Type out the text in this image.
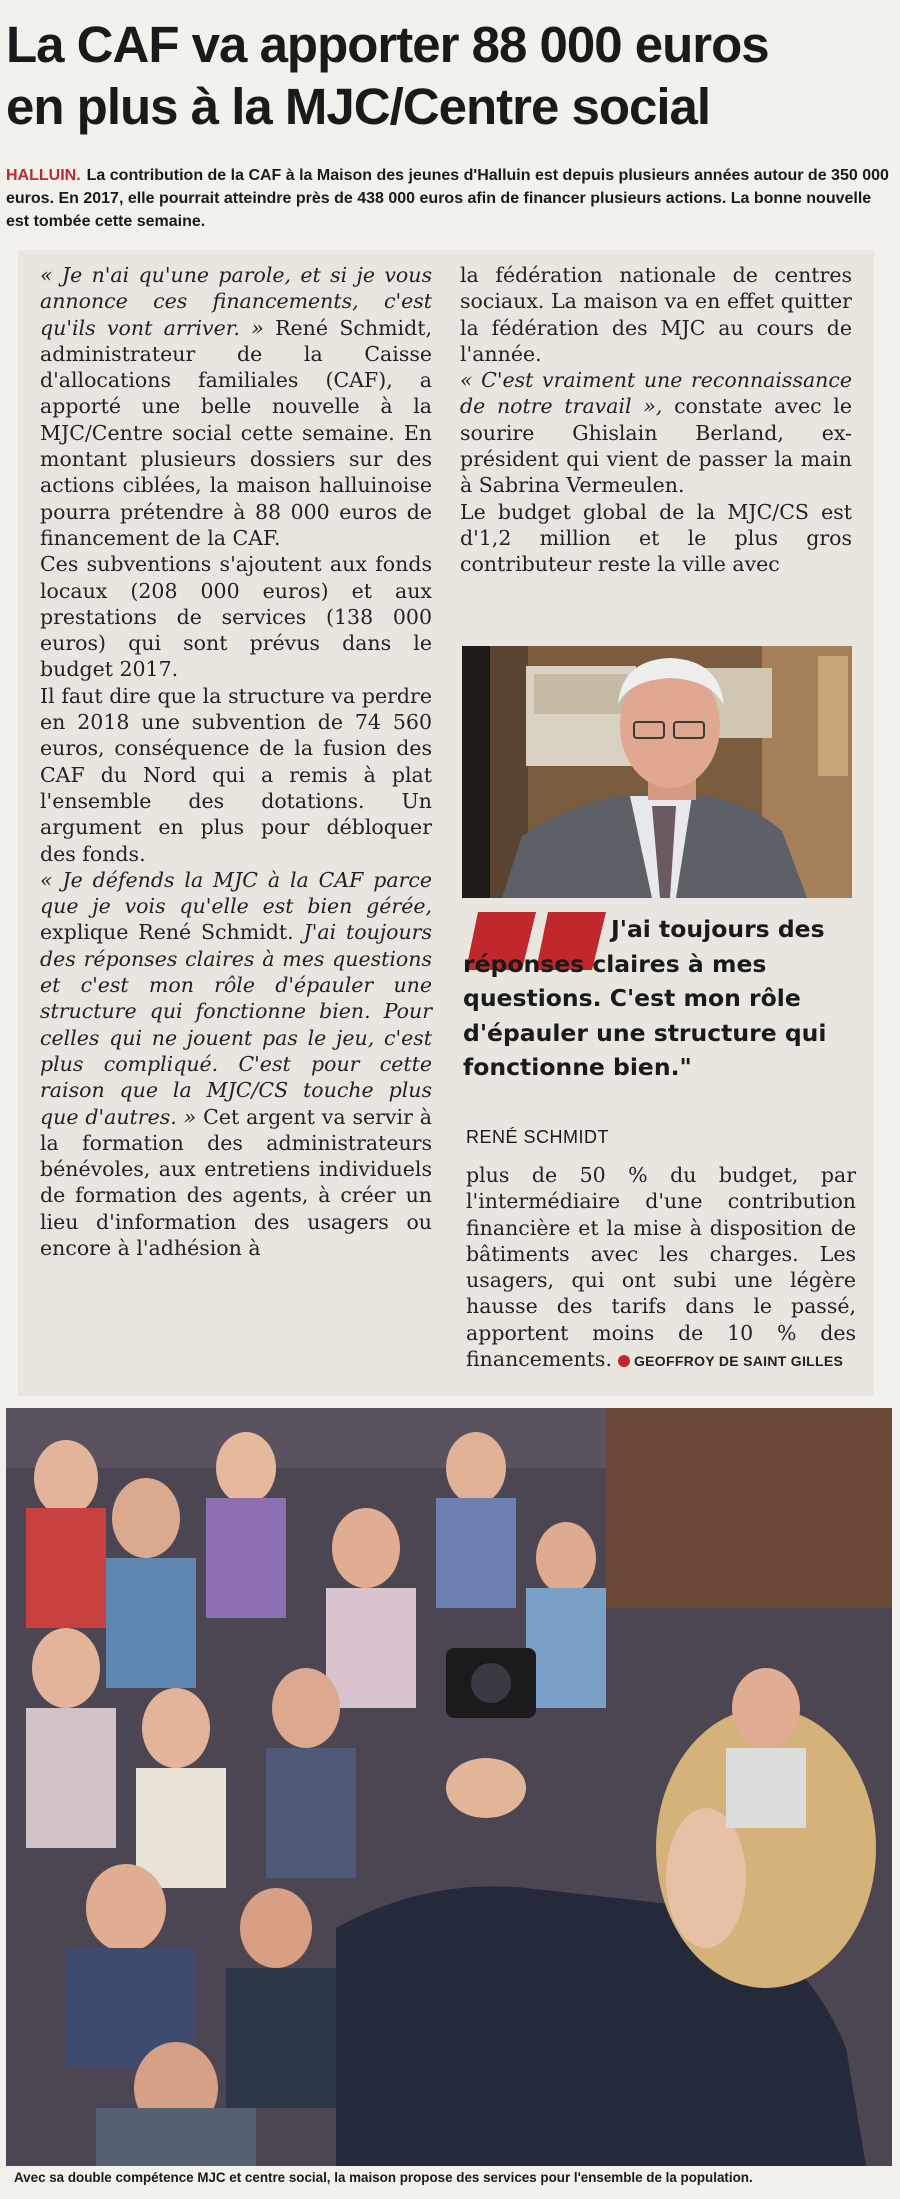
La CAF va apporter 88 000 euros
en plus à la MJC/Centre social

HALLUIN. La contribution de la CAF à la Maison des jeunes d'Halluin est depuis plusieurs années autour de 350 000 euros. En 2017, elle pourrait atteindre près de 438 000 euros afin de financer plusieurs actions. La bonne nouvelle est tombée cette semaine.

« Je n'ai qu'une parole, et si je vous annonce ces financements, c'est qu'ils vont arriver. » René Schmidt, administrateur de la Caisse d'allocations familiales (CAF), a apporté une belle nouvelle à la MJC/Centre social cette semaine. En montant plusieurs dossiers sur des actions ciblées, la maison halluinoise pourra prétendre à 88 000 euros de financement de la CAF.

Ces subventions s'ajoutent aux fonds locaux (208 000 euros) et aux prestations de services (138 000 euros) qui sont prévus dans le budget 2017.

Il faut dire que la structure va perdre en 2018 une subvention de 74 560 euros, conséquence de la fusion des CAF du Nord qui a remis à plat l'ensemble des dotations. Un argument en plus pour débloquer des fonds.

« Je défends la MJC à la CAF parce que je vois qu'elle est bien gérée, explique René Schmidt. J'ai toujours des réponses claires à mes questions et c'est mon rôle d'épauler une structure qui fonctionne bien. Pour celles qui ne jouent pas le jeu, c'est plus compliqué. C'est pour cette raison que la MJC/CS touche plus que d'autres. » Cet argent va servir à la formation des administrateurs bénévoles, aux entretiens individuels de formation des agents, à créer un lieu d'information des usagers ou encore à l'adhésion à

la fédération nationale de centres sociaux. La maison va en effet quitter la fédération des MJC au cours de l'année.

« C'est vraiment une reconnaissance de notre travail », constate avec le sourire Ghislain Berland, ex-président qui vient de passer la main à Sabrina Vermeulen.

Le budget global de la MJC/CS est d'1,2 million et le plus gros contributeur reste la ville avec

J'ai toujours des réponses claires à mes questions. C'est mon rôle d'épauler une structure qui fonctionne bien."

RENÉ SCHMIDT

plus de 50 % du budget, par l'intermédiaire d'une contribution financière et la mise à disposition de bâtiments avec les charges. Les usagers, qui ont subi une légère hausse des tarifs dans le passé, apportent moins de 10 % des financements. GEOFFROY DE SAINT GILLES

Avec sa double compétence MJC et centre social, la maison propose des services pour l'ensemble de la population.
